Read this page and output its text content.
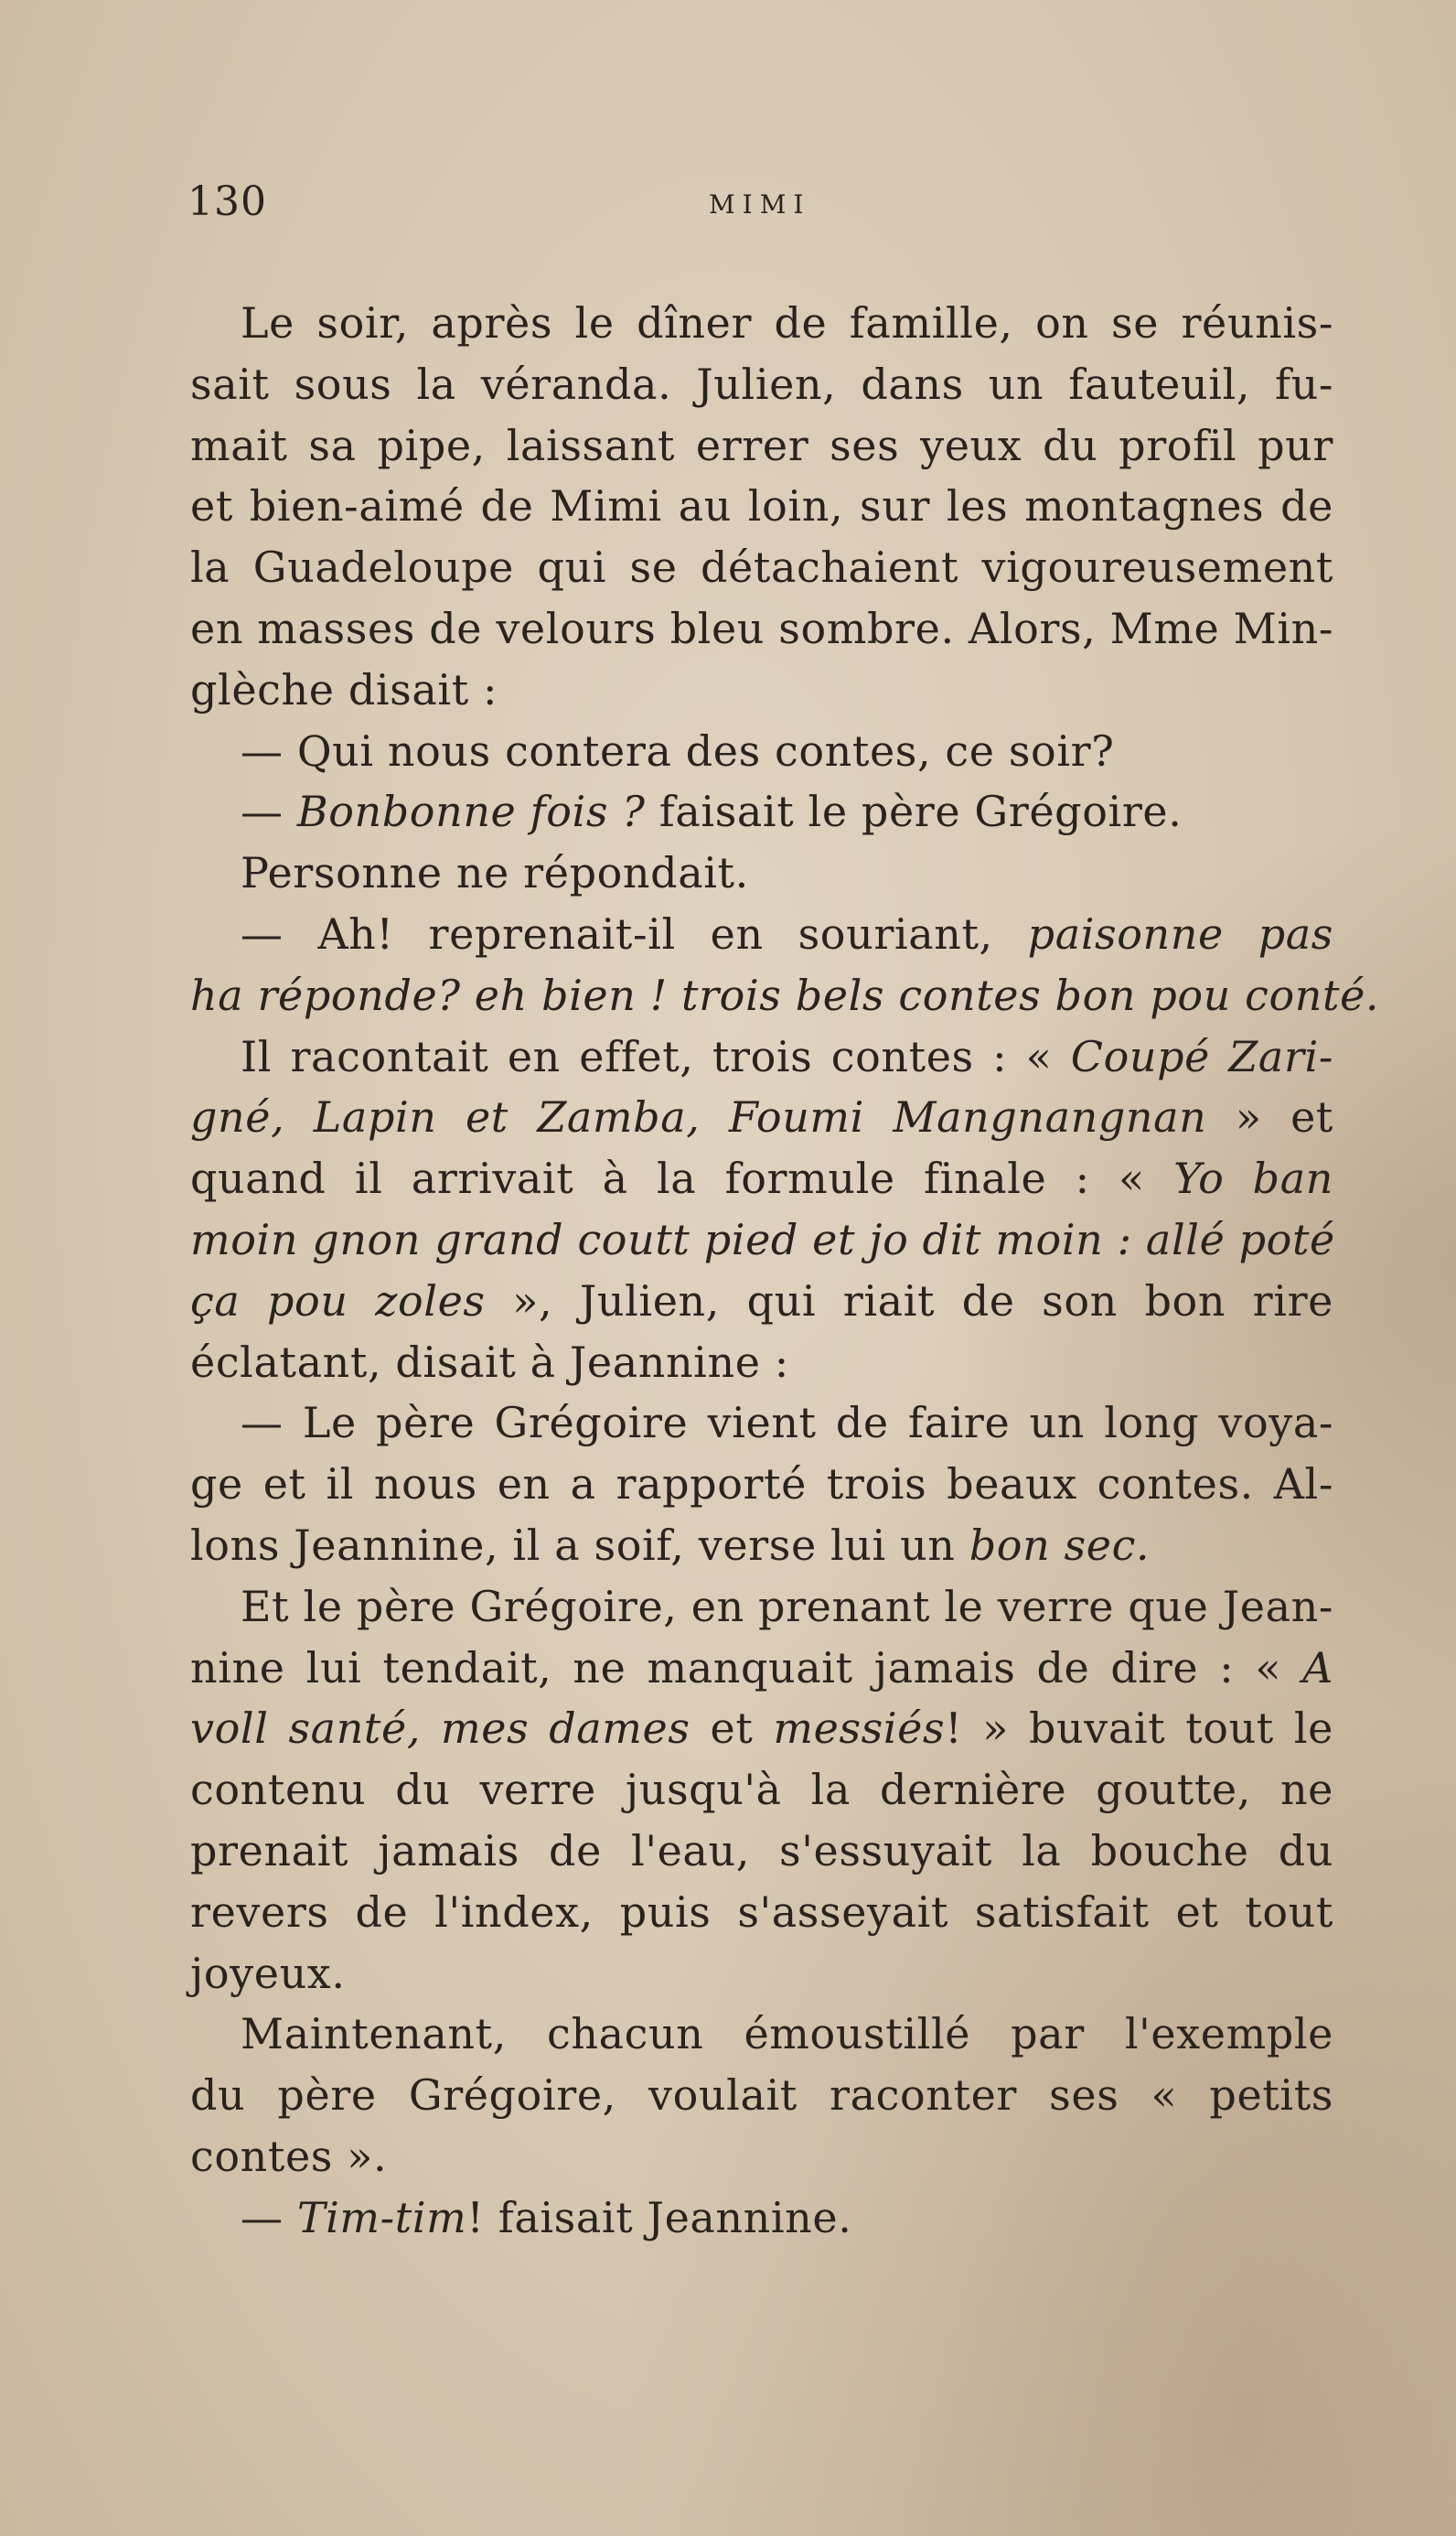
130	MIMI
Le soir, après le dîner de famille, on se réunis-
sait sous la véranda. Julien, dans un fauteuil, fu-
mait sa pipe, laissant errer ses yeux du profil pur
et bien-aimé de Mimi au loin, sur les montagnes de
la Guadeloupe qui se détachaient vigoureusement
en masses de velours bleu sombre. Alors, Mme Min-
glèche disait :
— Qui nous contera des contes, ce soir?
— Bonbonne fois ? faisait le père Grégoire.
Personne ne répondait.
— Ah! reprenait-il en souriant, paisonne pas
ha réponde? eh bien ! trois bels contes bon pou conté.
Il racontait en effet, trois contes : « Coupé Zari-
gné, Lapin et Zamba, Foumi Mangnangnan » et
quand il arrivait à la formule finale : « Yo ban
moin gnon grand coutt pied et jo dit moin : allé poté
ça pou zoles », Julien, qui riait de son bon rire
éclatant, disait à Jeannine :
— Le père Grégoire vient de faire un long voya-
ge et il nous en a rapporté trois beaux contes. Al-
lons Jeannine, il a soif, verse lui un bon sec.
Et le père Grégoire, en prenant le verre que Jean-
nine lui tendait, ne manquait jamais de dire : « A
voll santé, mes dames et messiés! » buvait tout le
contenu du verre jusqu'à la dernière goutte, ne
prenait jamais de l'eau, s'essuyait la bouche du
revers de l'index, puis s'asseyait satisfait et tout
joyeux.
Maintenant, chacun émoustillé par l'exemple
du père Grégoire, voulait raconter ses « petits
contes ».
— Tim-tim! faisait Jeannine.
